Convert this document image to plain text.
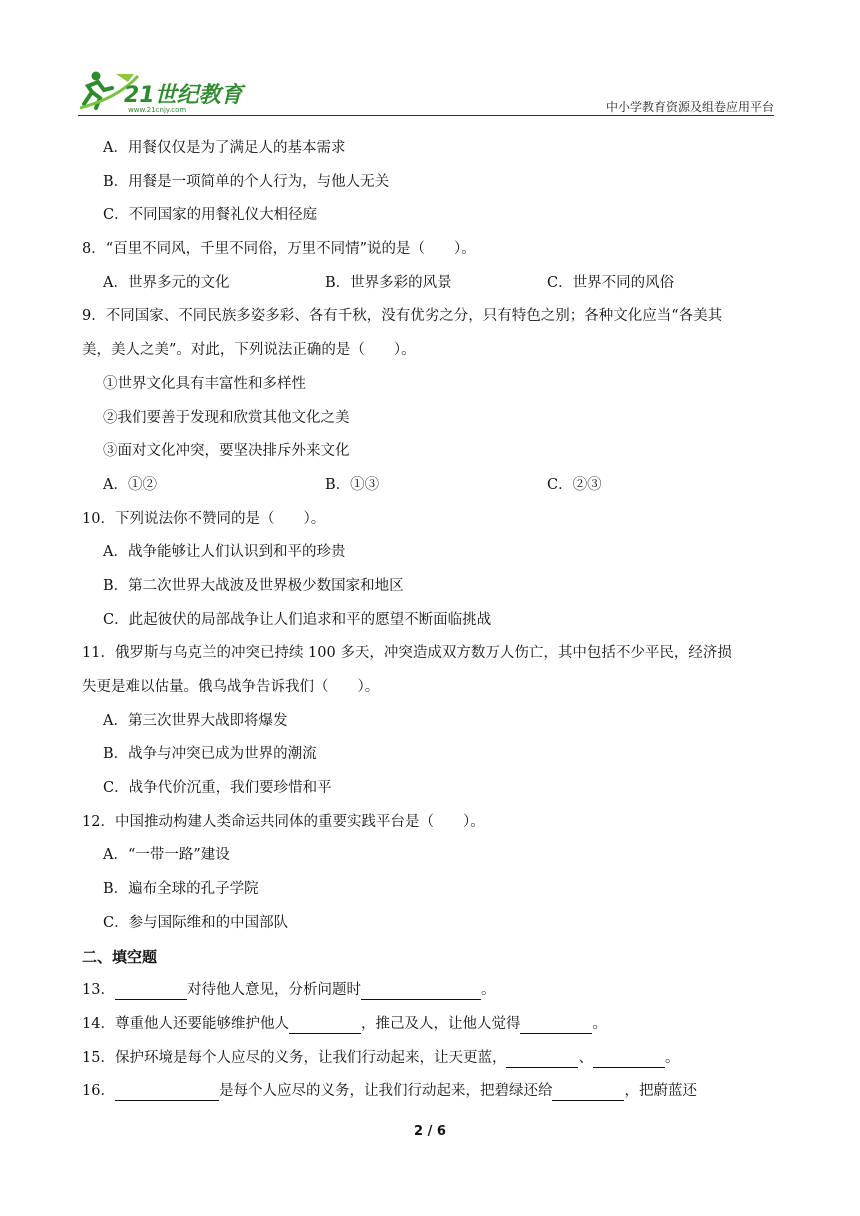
21世纪教育
www.21cnjy.com	中小学教育资源及组卷应用平台
A．用餐仅仅是为了满足人的基本需求
B．用餐是一项简单的个人行为，与他人无关
C．不同国家的用餐礼仪大相径庭
8．“百里不同风，千里不同俗，万里不同情”说的是（　　）。
A．世界多元的文化	B．世界多彩的风景	C．世界不同的风俗
9．不同国家、不同民族多姿多彩、各有千秋，没有优劣之分，只有特色之别；各种文化应当“各美其
美，美人之美”。对此，下列说法正确的是（　　）。
①世界文化具有丰富性和多样性
②我们要善于发现和欣赏其他文化之美
③面对文化冲突，要坚决排斥外来文化
A．①②	B．①③	C．②③
10．下列说法你不赞同的是（　　）。
A．战争能够让人们认识到和平的珍贵
B．第二次世界大战波及世界极少数国家和地区
C．此起彼伏的局部战争让人们追求和平的愿望不断面临挑战
11．俄罗斯与乌克兰的冲突已持续 100 多天，冲突造成双方数万人伤亡，其中包括不少平民，经济损
失更是难以估量。俄乌战争告诉我们（　　）。
A．第三次世界大战即将爆发
B．战争与冲突已成为世界的潮流
C．战争代价沉重，我们要珍惜和平
12．中国推动构建人类命运共同体的重要实践平台是（　　）。
A．“一带一路”建设
B．遍布全球的孔子学院
C．参与国际维和的中国部队
二、填空题
13．	对待他人意见，分析问题时	。
14．尊重他人还要能够维护他人	，推己及人，让他人觉得	。
15．保护环境是每个人应尽的义务，让我们行动起来，让天更蓝，	、	。
16．	是每个人应尽的义务，让我们行动起来，把碧绿还给	，把蔚蓝还
2 / 6
